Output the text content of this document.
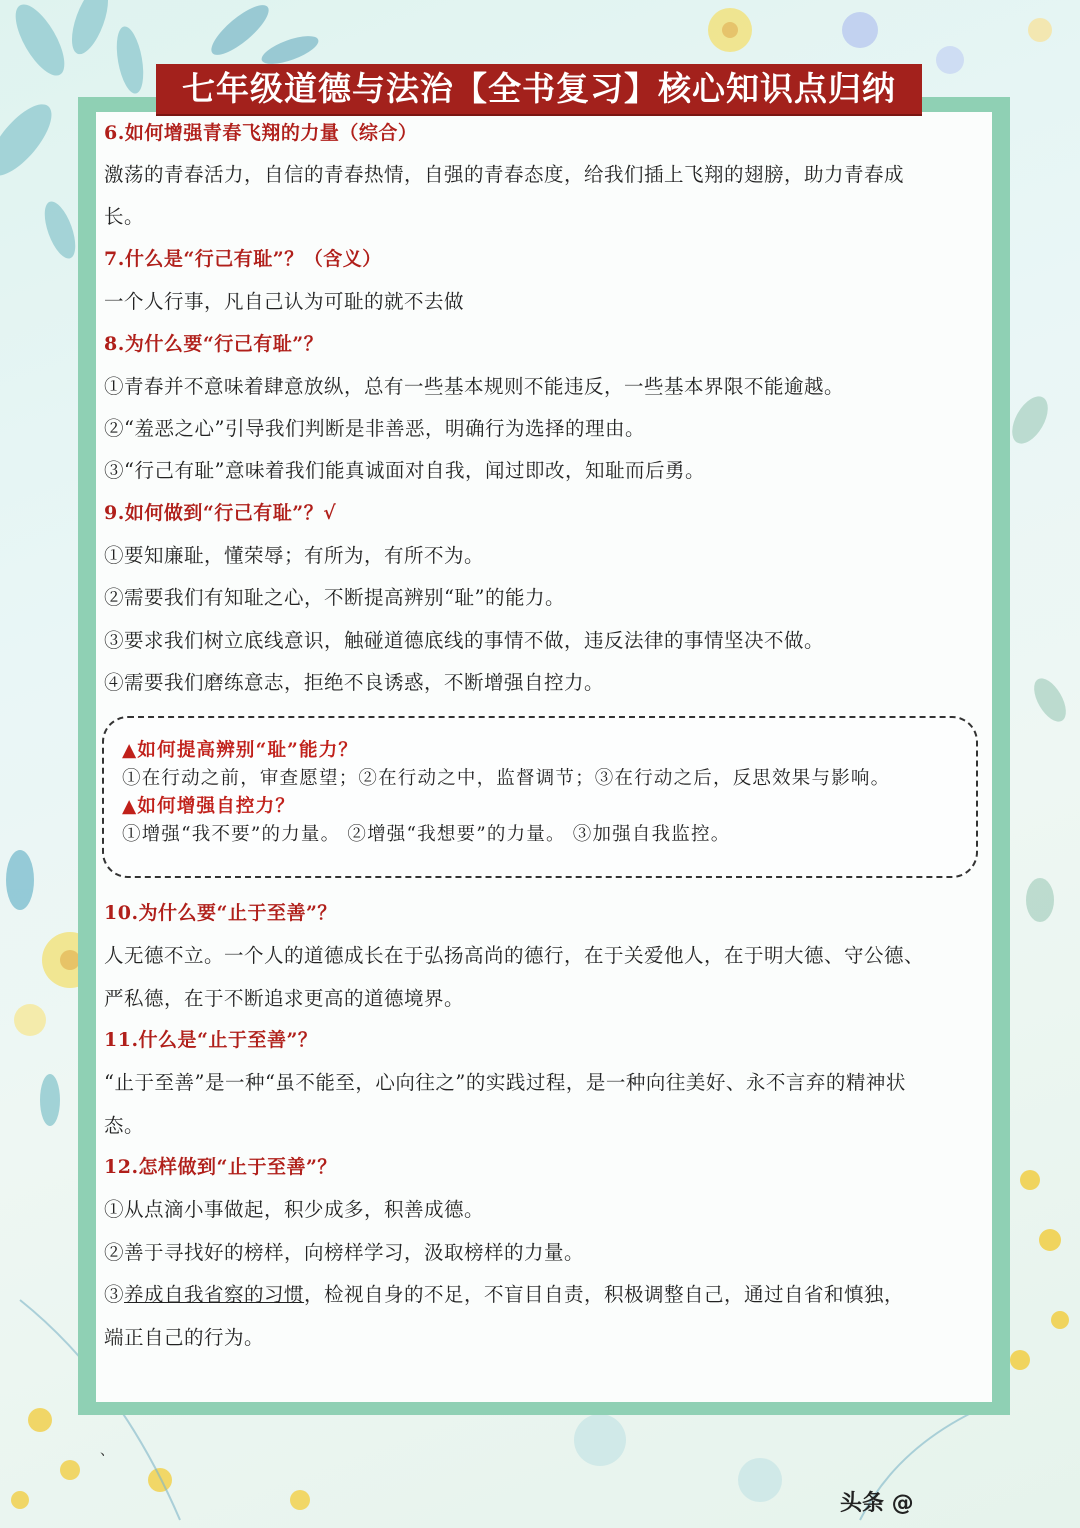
七年级道德与法治【全书复习】核心知识点归纳
6.如何增强青春飞翔的力量（综合）
激荡的青春活力，自信的青春热情，自强的青春态度，给我们插上飞翔的翅膀，助力青春成
长。
7.什么是“行己有耻”？（含义）
一个人行事，凡自己认为可耻的就不去做
8.为什么要“行己有耻”？
①青春并不意味着肆意放纵，总有一些基本规则不能违反，一些基本界限不能逾越。
②“羞恶之心”引导我们判断是非善恶，明确行为选择的理由。
③“行己有耻”意味着我们能真诚面对自我，闻过即改，知耻而后勇。
9.如何做到“行己有耻”？√
①要知廉耻，懂荣辱；有所为，有所不为。
②需要我们有知耻之心，不断提高辨别“耻”的能力。
③要求我们树立底线意识，触碰道德底线的事情不做，违反法律的事情坚决不做。
④需要我们磨练意志，拒绝不良诱惑，不断增强自控力。
10.为什么要“止于至善”？
人无德不立。一个人的道德成长在于弘扬高尚的德行，在于关爱他人，在于明大德、守公德、
严私德，在于不断追求更高的道德境界。
11.什么是“止于至善”？
“止于至善”是一种“虽不能至，心向往之”的实践过程，是一种向往美好、永不言弃的精神状
态。
12.怎样做到“止于至善”？
①从点滴小事做起，积少成多，积善成德。
②善于寻找好的榜样，向榜样学习，汲取榜样的力量。
③养成自我省察的习惯，检视自身的不足，不盲目自责，积极调整自己，通过自省和慎独，
端正自己的行为。
▲如何提高辨别“耻”能力？
①在行动之前，审查愿望；②在行动之中，监督调节；③在行动之后，反思效果与影响。
▲如何增强自控力？
①增强“我不要”的力量。 ②增强“我想要”的力量。 ③加强自我监控。
、
头条 @
